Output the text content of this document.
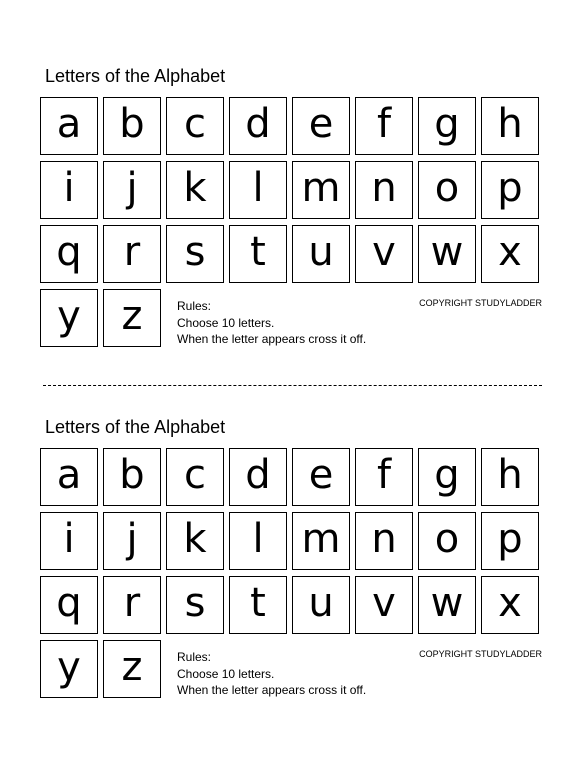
Letters of the Alphabet
a b c d e	f	g h
i	j	k	l m n o p
q	r	s	t	u v w x
y	z	Rules:
Choose 10 letters.
When the letter appears cross it off.
COPYRIGHT STUDYLADDER
Letters of the Alphabet
a b c d e	f	g h
i	j	k	l m n o p
q	r	s	t	u v w x
y	z	Rules:
Choose 10 letters.
When the letter appears cross it off.
COPYRIGHT STUDYLADDER
